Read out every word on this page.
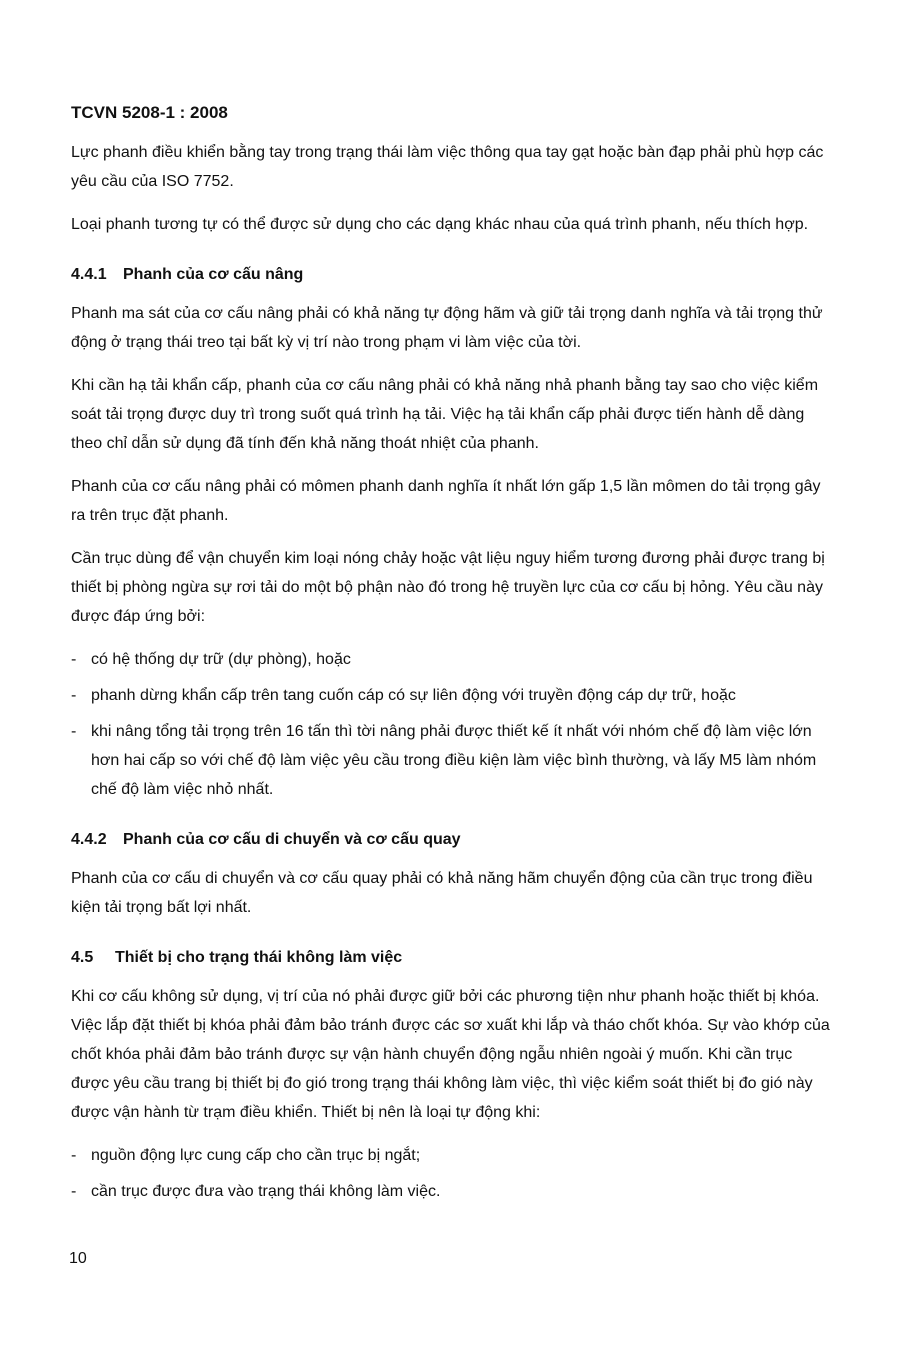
TCVN 5208-1 : 2008

Lực phanh điều khiển bằng tay trong trạng thái làm việc thông qua tay gạt hoặc bàn đạp phải phù hợp các yêu cầu của ISO 7752.

Loại phanh tương tự có thể được sử dụng cho các dạng khác nhau của quá trình phanh, nếu thích hợp.

4.4.1 Phanh của cơ cấu nâng

Phanh ma sát của cơ cấu nâng phải có khả năng tự động hãm và giữ tải trọng danh nghĩa và tải trọng thử động ở trạng thái treo tại bất kỳ vị trí nào trong phạm vi làm việc của tời.

Khi cần hạ tải khẩn cấp, phanh của cơ cấu nâng phải có khả năng nhả phanh bằng tay sao cho việc kiểm soát tải trọng được duy trì trong suốt quá trình hạ tải. Việc hạ tải khẩn cấp phải được tiến hành dễ dàng theo chỉ dẫn sử dụng đã tính đến khả năng thoát nhiệt của phanh.

Phanh của cơ cấu nâng phải có mômen phanh danh nghĩa ít nhất lớn gấp 1,5 lần mômen do tải trọng gây ra trên trục đặt phanh.

Cần trục dùng để vận chuyển kim loại nóng chảy hoặc vật liệu nguy hiểm tương đương phải được trang bị thiết bị phòng ngừa sự rơi tải do một bộ phận nào đó trong hệ truyền lực của cơ cấu bị hỏng. Yêu cầu này được đáp ứng bởi:

- có hệ thống dự trữ (dự phòng), hoặc
- phanh dừng khẩn cấp trên tang cuốn cáp có sự liên động với truyền động cáp dự trữ, hoặc
- khi nâng tổng tải trọng trên 16 tấn thì tời nâng phải được thiết kế ít nhất với nhóm chế độ làm việc lớn hơn hai cấp so với chế độ làm việc yêu cầu trong điều kiện làm việc bình thường, và lấy M5 làm nhóm chế độ làm việc nhỏ nhất.
4.4.2 Phanh của cơ cấu di chuyển và cơ cấu quay

Phanh của cơ cấu di chuyển và cơ cấu quay phải có khả năng hãm chuyển động của cần trục trong điều kiện tải trọng bất lợi nhất.

4.5 Thiết bị cho trạng thái không làm việc

Khi cơ cấu không sử dụng, vị trí của nó phải được giữ bởi các phương tiện như phanh hoặc thiết bị khóa. Việc lắp đặt thiết bị khóa phải đảm bảo tránh được các sơ xuất khi lắp và tháo chốt khóa. Sự vào khớp của chốt khóa phải đảm bảo tránh được sự vận hành chuyển động ngẫu nhiên ngoài ý muốn. Khi cần trục được yêu cầu trang bị thiết bị đo gió trong trạng thái không làm việc, thì việc kiểm soát thiết bị đo gió này được vận hành từ trạm điều khiển. Thiết bị nên là loại tự động khi:

- nguồn động lực cung cấp cho cần trục bị ngắt;
- cần trục được đưa vào trạng thái không làm việc.
10
